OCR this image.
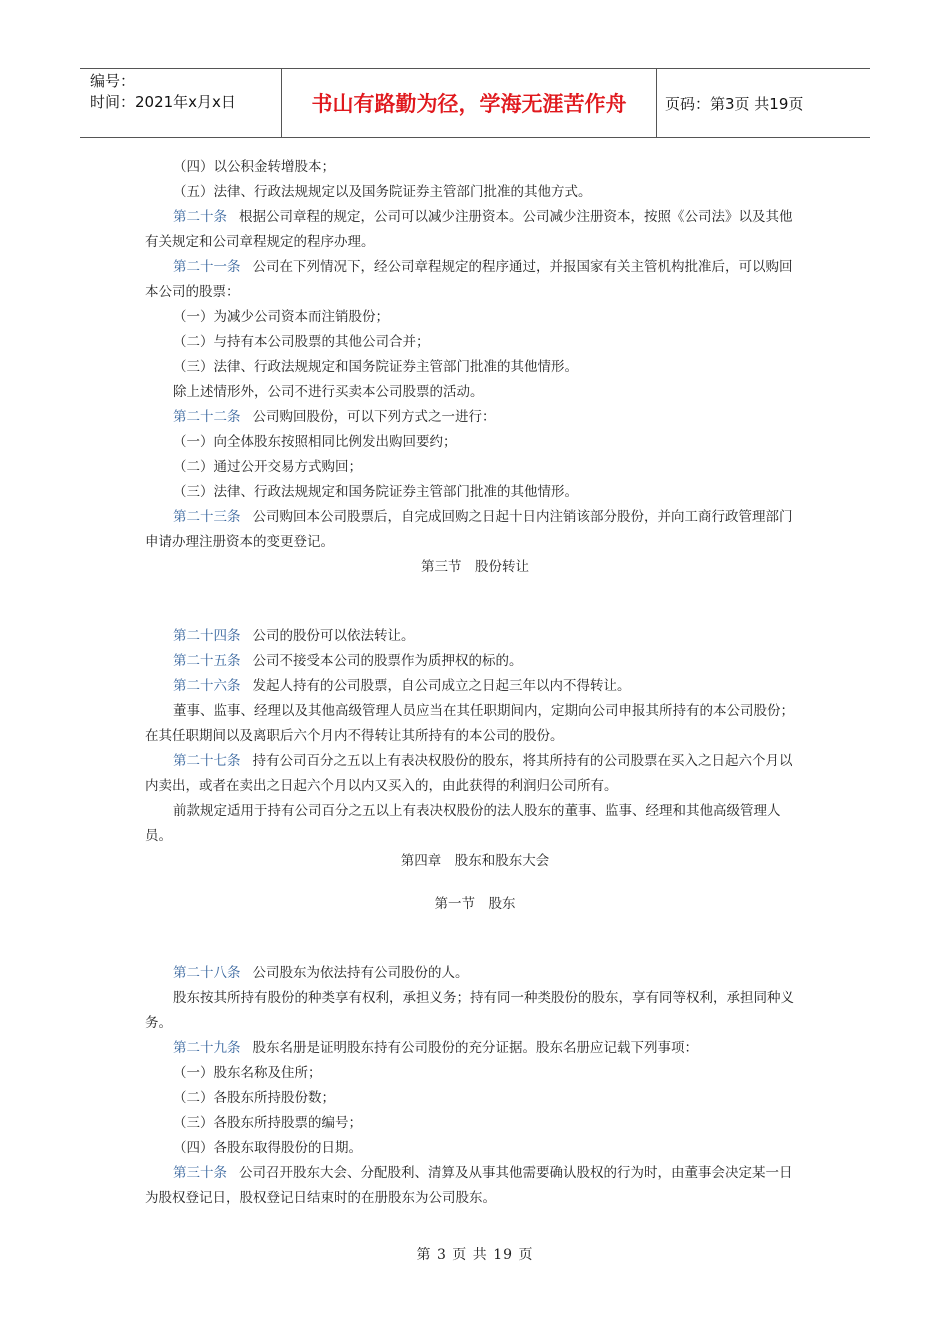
编号：
时间：2021年x月x日	书山有路勤为径，学海无涯苦作舟	页码：第3页 共19页

（四）以公积金转增股本；

（五）法律、行政法规规定以及国务院证券主管部门批准的其他方式。

第二十条 根据公司章程的规定，公司可以减少注册资本。公司减少注册资本，按照《公司法》以及其他有关规定和公司章程规定的程序办理。

第二十一条 公司在下列情况下，经公司章程规定的程序通过，并报国家有关主管机构批准后，可以购回本公司的股票：

（一）为减少公司资本而注销股份；

（二）与持有本公司股票的其他公司合并；

（三）法律、行政法规规定和国务院证券主管部门批准的其他情形。

除上述情形外，公司不进行买卖本公司股票的活动。

第二十二条 公司购回股份，可以下列方式之一进行：

（一）向全体股东按照相同比例发出购回要约；

（二）通过公开交易方式购回；

（三）法律、行政法规规定和国务院证券主管部门批准的其他情形。

第二十三条 公司购回本公司股票后，自完成回购之日起十日内注销该部分股份，并向工商行政管理部门申请办理注册资本的变更登记。

第三节　股份转让

第二十四条 公司的股份可以依法转让。

第二十五条 公司不接受本公司的股票作为质押权的标的。

第二十六条 发起人持有的公司股票，自公司成立之日起三年以内不得转让。

董事、监事、经理以及其他高级管理人员应当在其任职期间内，定期向公司申报其所持有的本公司股份；在其任职期间以及离职后六个月内不得转让其所持有的本公司的股份。

第二十七条 持有公司百分之五以上有表决权股份的股东，将其所持有的公司股票在买入之日起六个月以内卖出，或者在卖出之日起六个月以内又买入的，由此获得的利润归公司所有。

前款规定适用于持有公司百分之五以上有表决权股份的法人股东的董事、监事、经理和其他高级管理人员。

第四章　股东和股东大会

第一节　股东

第二十八条 公司股东为依法持有公司股份的人。

股东按其所持有股份的种类享有权利，承担义务；持有同一种类股份的股东，享有同等权利，承担同种义务。

第二十九条 股东名册是证明股东持有公司股份的充分证据。股东名册应记载下列事项：

（一）股东名称及住所；

（二）各股东所持股份数；

（三）各股东所持股票的编号；

（四）各股东取得股份的日期。

第三十条 公司召开股东大会、分配股利、清算及从事其他需要确认股权的行为时，由董事会决定某一日为股权登记日，股权登记日结束时的在册股东为公司股东。

第 3 页 共 19 页
